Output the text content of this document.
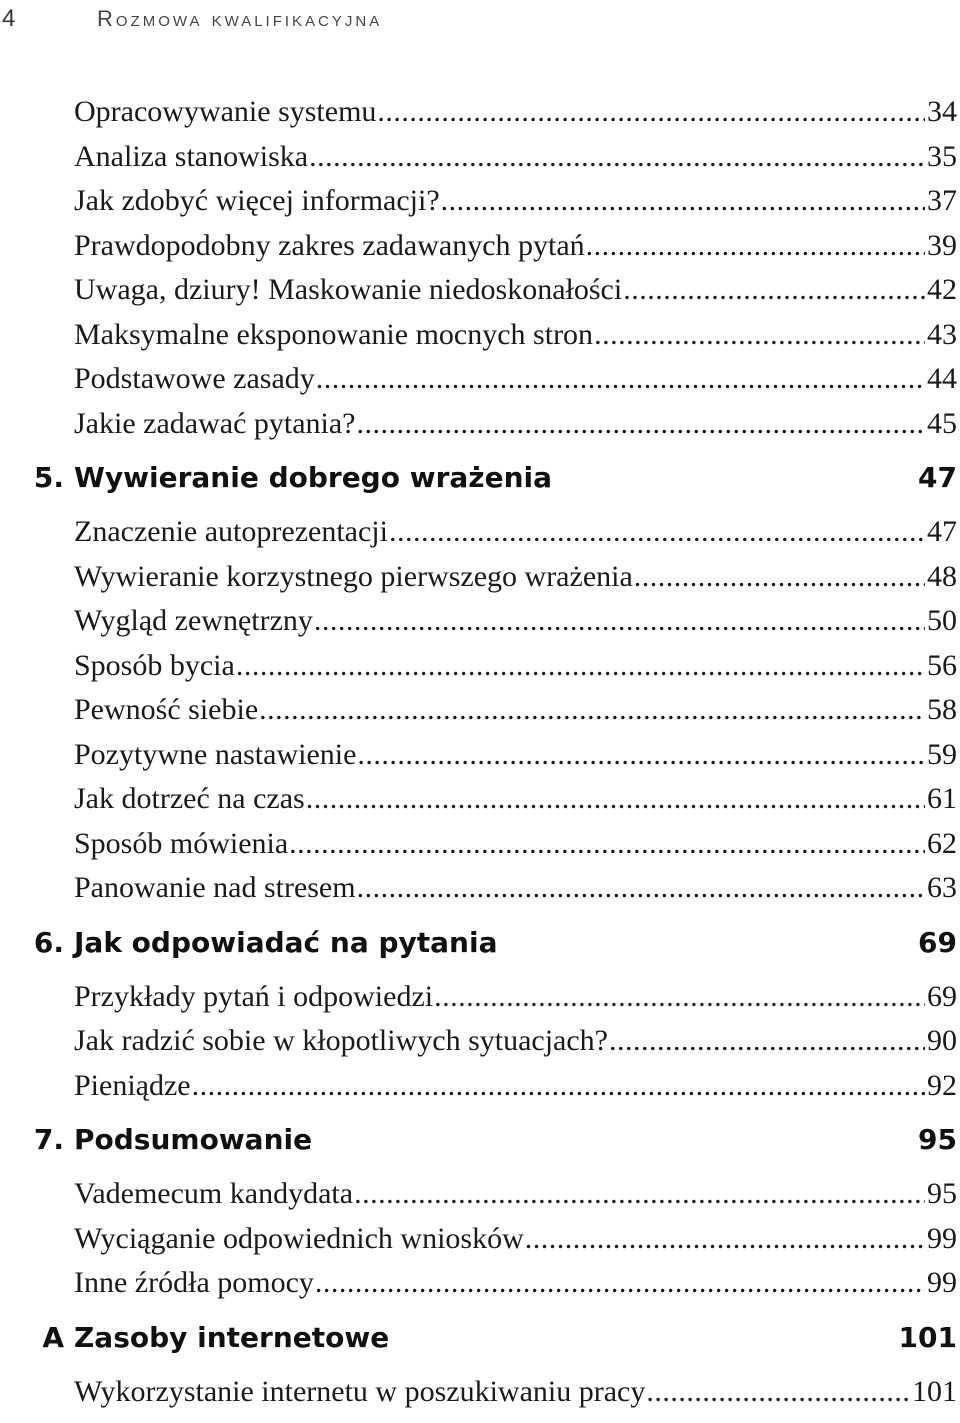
4	Rozmowa kwalifikacyjna
Opracowywanie systemu .....	34
Analiza stanowiska .....	35
Jak zdobyć więcej informacji? .....	37
Prawdopodobny zakres zadawanych pytań .....	39
Uwaga, dziury! Maskowanie niedoskonałości .....	42
Maksymalne eksponowanie mocnych stron .....	43
Podstawowe zasady .....	44
Jakie zadawać pytania? .....	45
5. Wywieranie dobrego wrażenia	47
Znaczenie autoprezentacji .....	47
Wywieranie korzystnego pierwszego wrażenia .....	48
Wygląd zewnętrzny .....	50
Sposób bycia .....	56
Pewność siebie .....	58
Pozytywne nastawienie .....	59
Jak dotrzeć na czas .....	61
Sposób mówienia .....	62
Panowanie nad stresem .....	63
6. Jak odpowiadać na pytania	69
Przykłady pytań i odpowiedzi .....	69
Jak radzić sobie w kłopotliwych sytuacjach? .....	90
Pieniądze .....	92
7. Podsumowanie	95
Vademecum kandydata .....	95
Wyciąganie odpowiednich wniosków .....	99
Inne źródła pomocy .....	99
A Zasoby internetowe	101
Wykorzystanie internetu w poszukiwaniu pracy .....	101
